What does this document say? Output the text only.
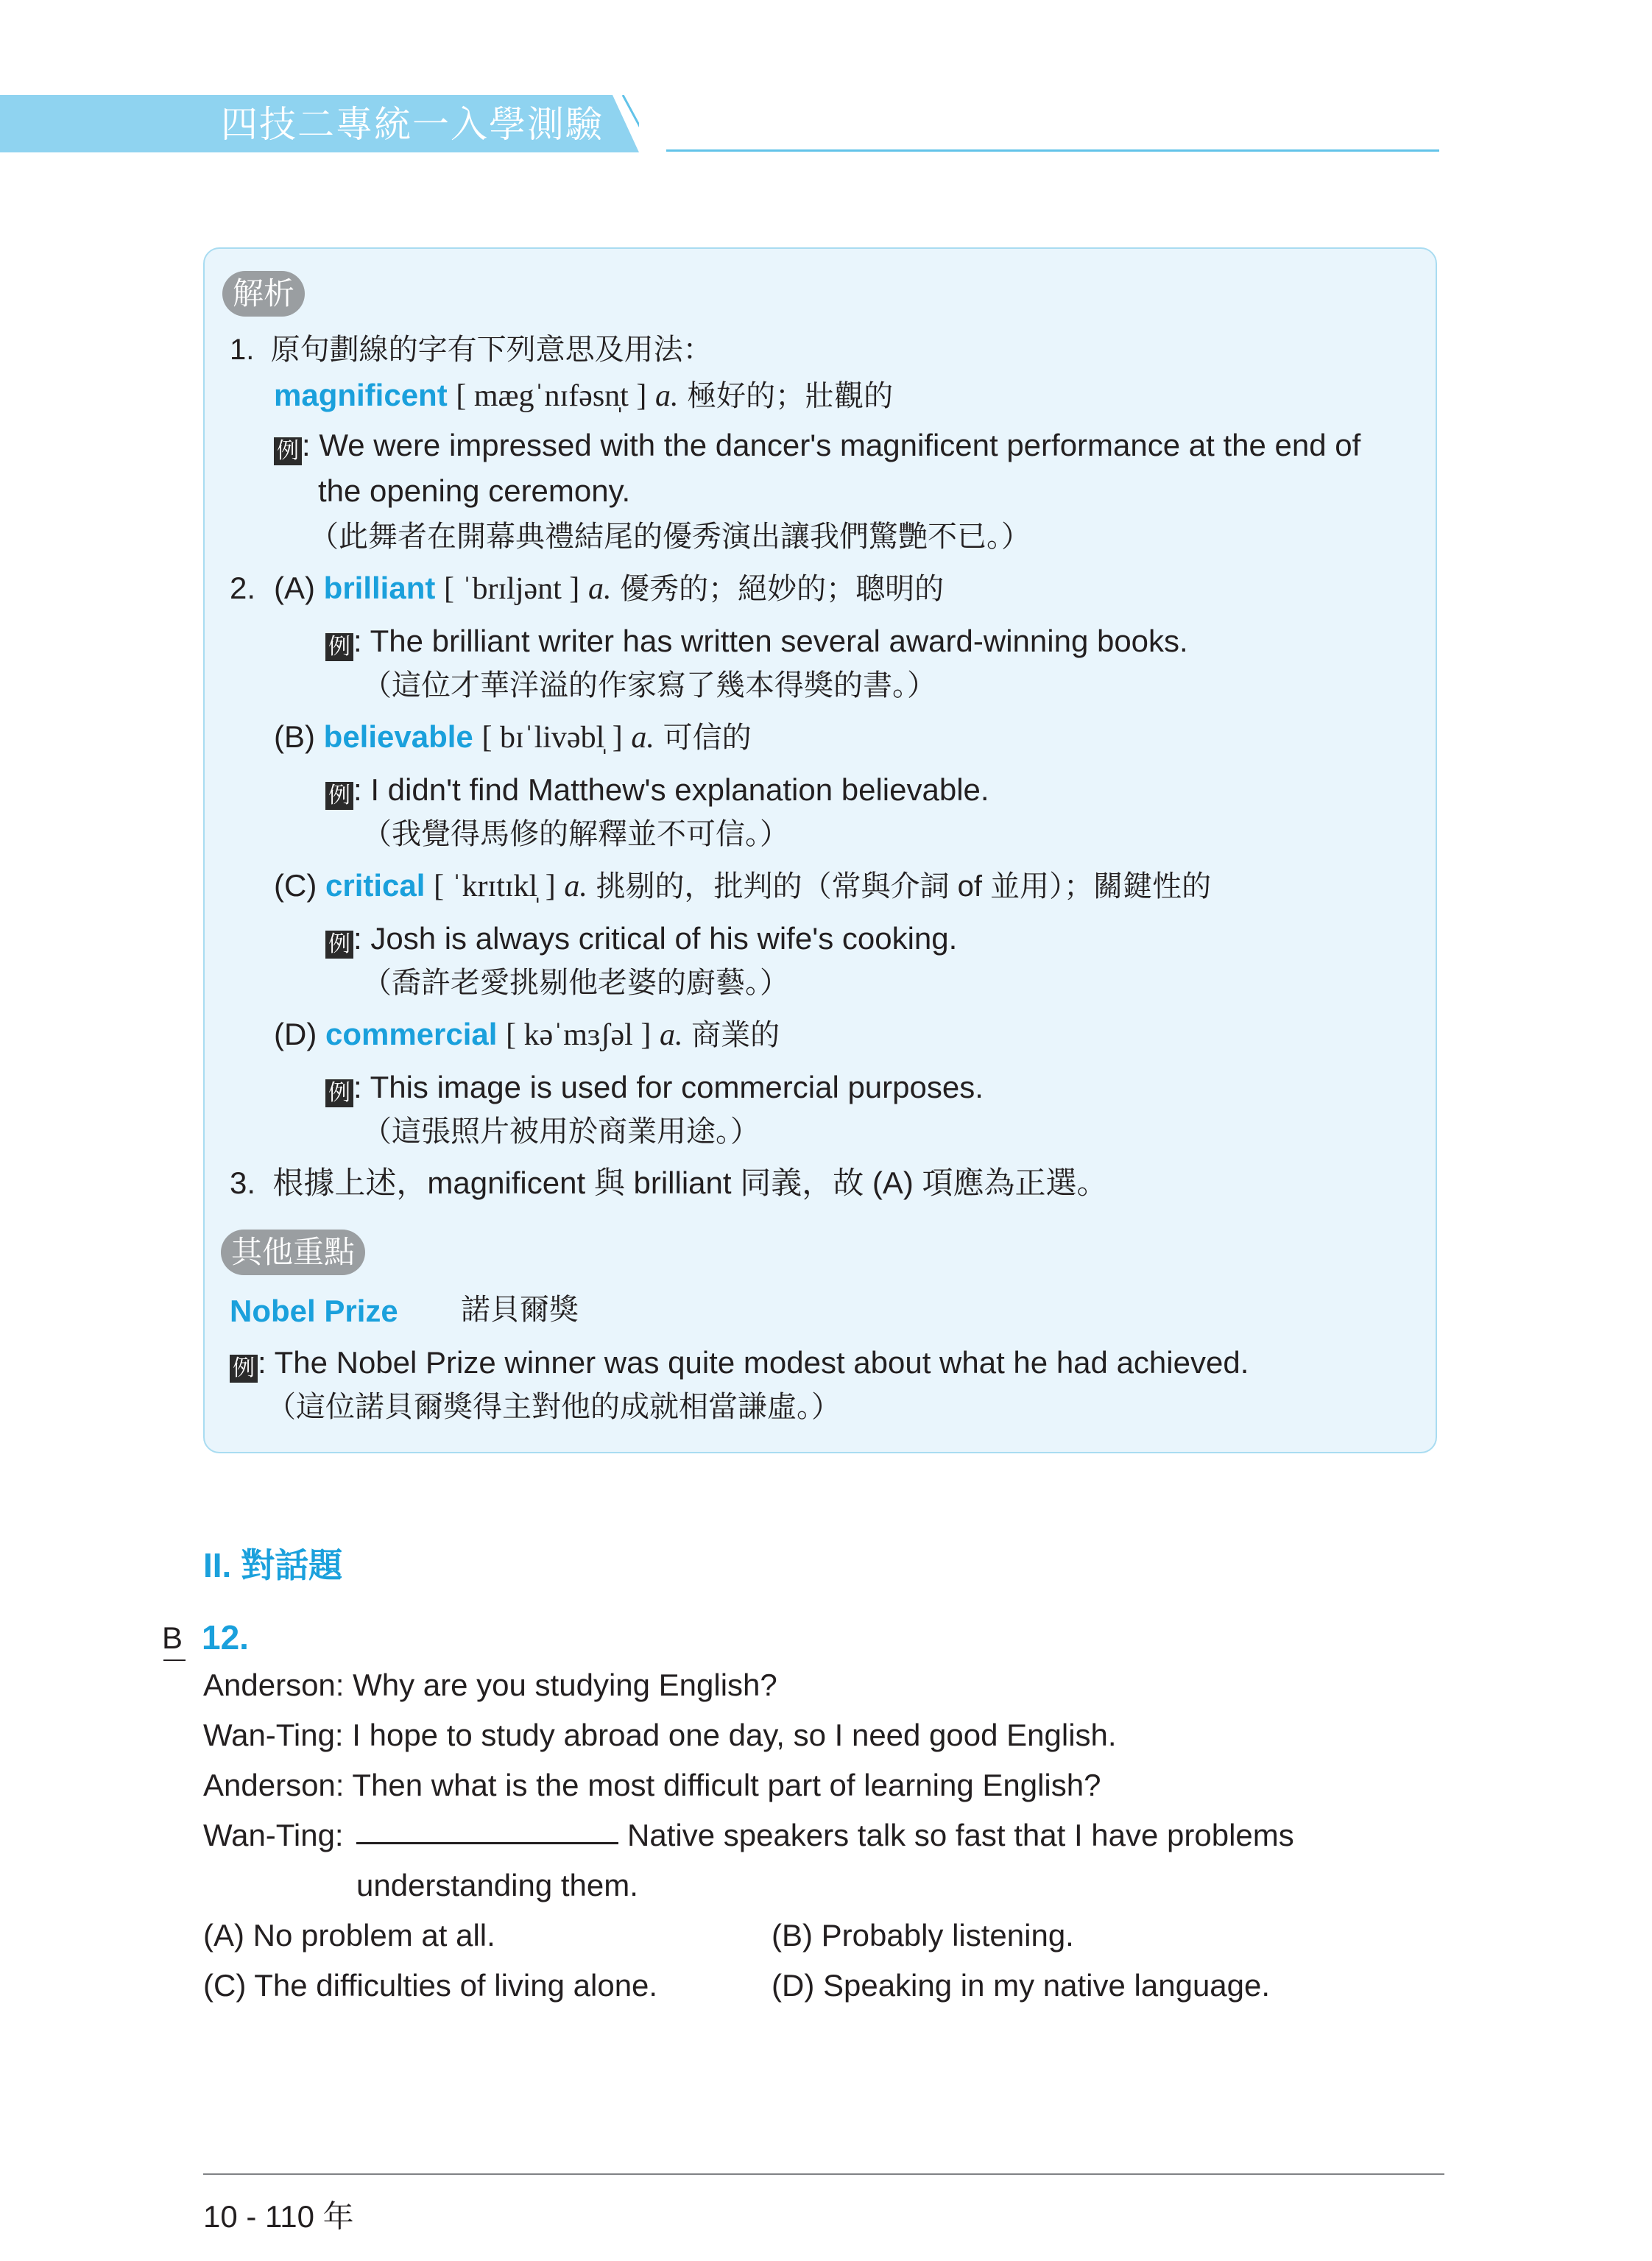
四技二專統一入學測驗
解析
1. 原句劃線的字有下列意思及用法：
magnificent [ mægˈnɪfəsn̩t ] a. 極好的；壯觀的
例: We were impressed with the dancer's magnificent performance at the end of
the opening ceremony.
（此舞者在開幕典禮結尾的優秀演出讓我們驚艷不已。）
2. (A) brilliant [ ˈbrɪljənt ] a. 優秀的；絕妙的；聰明的
例: The brilliant writer has written several award-winning books.
（這位才華洋溢的作家寫了幾本得獎的書。）
(B) believable [ bɪˈlivəbl̩ ] a. 可信的
例: I didn't find Matthew's explanation believable.
（我覺得馬修的解釋並不可信。）
(C) critical [ ˈkrɪtɪkl̩ ] a. 挑剔的，批判的（常與介詞 of 並用）；關鍵性的
例: Josh is always critical of his wife's cooking.
（喬許老愛挑剔他老婆的廚藝。）
(D) commercial [ kəˈmɜʃəl ] a. 商業的
例: This image is used for commercial purposes.
（這張照片被用於商業用途。）
3. 根據上述，magnificent 與 brilliant 同義，故 (A) 項應為正選。
其他重點
Nobel Prize 諾貝爾獎
例: The Nobel Prize winner was quite modest about what he had achieved.
（這位諾貝爾獎得主對他的成就相當謙虛。）
II. 對話題
B 12.
Anderson: Why are you studying English?
Wan-Ting: I hope to study abroad one day, so I need good English.
Anderson: Then what is the most difficult part of learning English?
Wan-Ting:	Native speakers talk so fast that I have problems
understanding them.
(A) No problem at all.	(B) Probably listening.
(C) The difficulties of living alone.	(D) Speaking in my native language.
10 - 110 年
